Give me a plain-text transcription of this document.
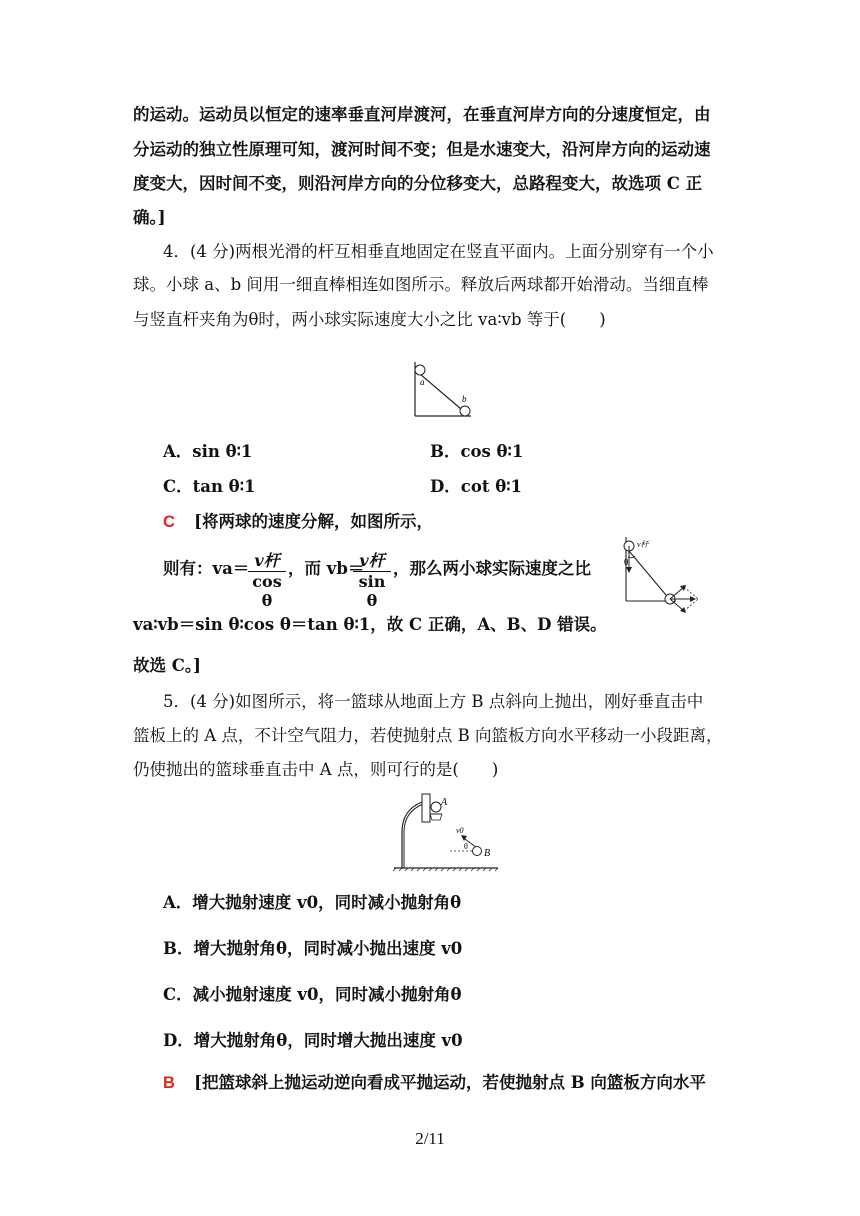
的运动。运动员以恒定的速率垂直河岸渡河，在垂直河岸方向的分速度恒定，由
分运动的独立性原理可知，渡河时间不变；但是水速变大，沿河岸方向的运动速
度变大，因时间不变，则沿河岸方向的分位移变大，总路程变大，故选项 C 正
确。]
4．(4 分)两根光滑的杆互相垂直地固定在竖直平面内。上面分别穿有一个小
球。小球 a、b 间用一细直棒相连如图所示。释放后两球都开始滑动。当细直棒
与竖直杆夹角为θ时，两小球实际速度大小之比 va∶vb 等于(　　)
a
b
A．sin θ∶1	B．cos θ∶1
C．tan θ∶1	D．cot θ∶1
C [将两球的速度分解，如图所示，
则有：va＝ v杆
cos θ
，而 vb＝
v杆
sin θ
，那么两小球实际速度之比
v杆
θ
va∶vb＝sin θ∶cos θ＝tan θ∶1，故 C 正确，A、B、D 错误。
故选 C。]
5．(4 分)如图所示，将一篮球从地面上方 B 点斜向上抛出，刚好垂直击中
篮板上的 A 点，不计空气阻力，若使抛射点 B 向篮板方向水平移动一小段距离，
仍使抛出的篮球垂直击中 A 点，则可行的是(　　)
A
v0
θ
B
A．增大抛射速度 v0，同时减小抛射角θ
B．增大抛射角θ，同时减小抛出速度 v0
C．减小抛射速度 v0，同时减小抛射角θ
D．增大抛射角θ，同时增大抛出速度 v0
B [把篮球斜上抛运动逆向看成平抛运动，若使抛射点 B 向篮板方向水平
2/11
